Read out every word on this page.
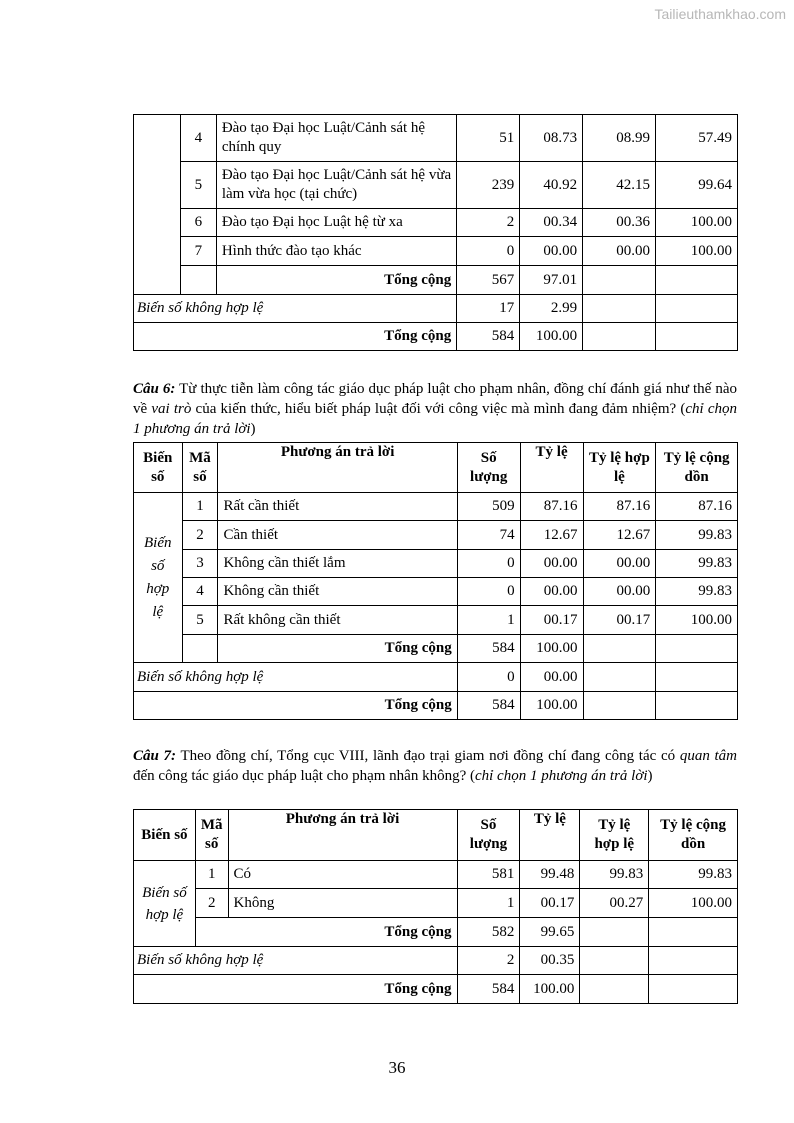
Tailieuthamkhao.com
	4	Đào tạo Đại học Luật/Cảnh sát hệ chính quy	51	08.73	08.99	57.49
	5	Đào tạo Đại học Luật/Cảnh sát hệ vừa làm vừa học (tại chức)	239	40.92	42.15	99.64
	6	Đào tạo Đại học Luật hệ từ xa	2	00.34	00.36	100.00
	7	Hình thức đào tạo khác	0	00.00	00.00	100.00
		Tổng cộng	567	97.01		

Biến số không hợp lệ			17	2.99		
Tổng cộng			584	100.00		
Câu 6: Từ thực tiễn làm công tác giáo dục pháp luật cho phạm nhân, đồng chí đánh giá như thế nào về vai trò của kiến thức, hiểu biết pháp luật đối với công việc mà mình đang đảm nhiệm? (chỉ chọn 1 phương án trả lời)
Biến số	Mã số	Phương án trả lời	Số lượng	Tỷ lệ	Tỷ lệ hợp lệ	Tỷ lệ cộng dồn
Biến số hợp lệ	1	Rất cần thiết	509	87.16	87.16	87.16
	2	Cần thiết	74	12.67	12.67	99.83
	3	Không cần thiết lắm	0	00.00	00.00	99.83
	4	Không cần thiết	0	00.00	00.00	99.83
	5	Rất không cần thiết	1	00.17	00.17	100.00
		Tổng cộng	584	100.00		
Biến số không hợp lệ			0	00.00		
Tổng cộng			584	100.00		
Câu 7: Theo đồng chí, Tổng cục VIII, lãnh đạo trại giam nơi đồng chí đang công tác có quan tâm đến công tác giáo dục pháp luật cho phạm nhân không? (chỉ chọn 1 phương án trả lời)
Biến số	Mã số	Phương án trả lời	Số lượng	Tỷ lệ	Tỷ lệ hợp lệ	Tỷ lệ cộng dồn
Biến số hợp lệ	1	Có	581	99.48	99.83	99.83
	2	Không	1	00.17	00.27	100.00
	Tổng cộng		582	99.65		
Biến số không hợp lệ			2	00.35		
Tổng cộng			584	100.00		
36
